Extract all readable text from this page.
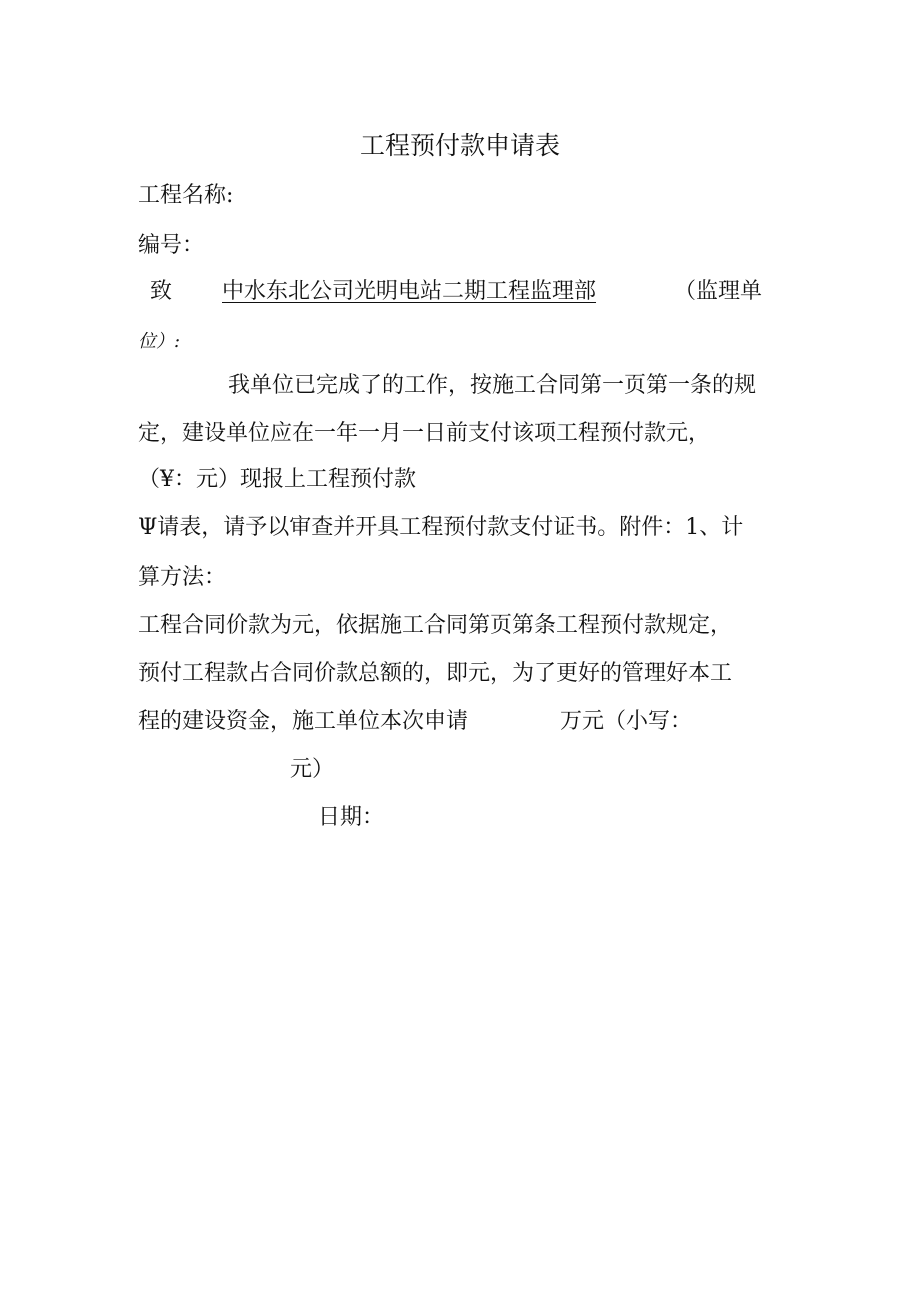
工程预付款申请表
工程名称:
编号：
致 中水东北公司光明电站二期工程监理部	（监理单
位）:
我单位已完成了的工作，按施工合同第一页第一条的规
定，建设单位应在一年一月一日前支付该项工程预付款元，
（¥：元）现报上工程预付款
Ψ请表，请予以审查并开具工程预付款支付证书。附件：1、计
算方法：
工程合同价款为元，依据施工合同第页第条工程预付款规定，
预付工程款占合同价款总额的，即元，为了更好的管理好本工
程的建设资金，施工单位本次申请	万元（小写：
元）
日期：
